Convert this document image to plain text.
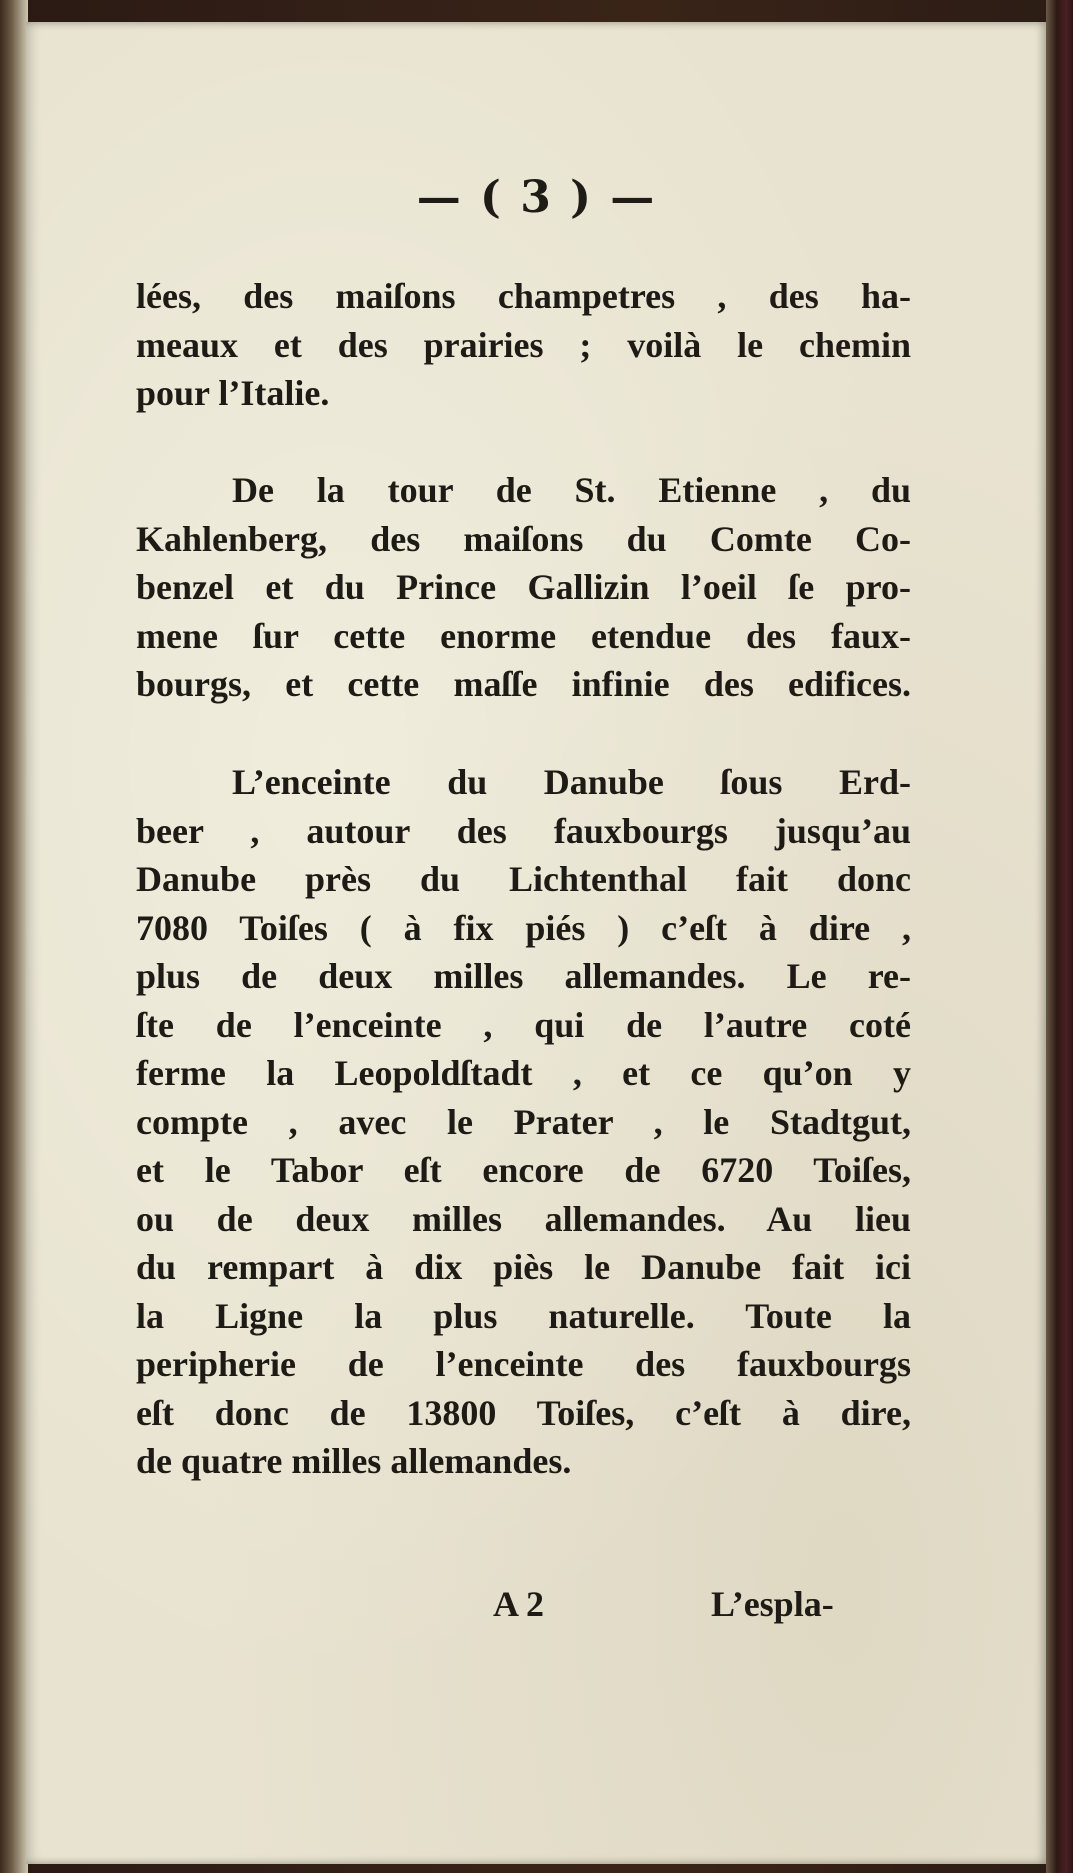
— ( 3 ) —
lées, des maiſons champetres , des ha-
meaux et des prairies ; voilà le chemin
pour l’Italie.
De la tour de St. Etienne , du
Kahlenberg, des maiſons du Comte Co-
benzel et du Prince Gallizin l’oeil ſe pro-
mene ſur cette enorme etendue des faux-
bourgs, et cette maſſe infinie des edifices.
L’enceinte du Danube ſous Erd-
beer , autour des fauxbourgs jusqu’au
Danube près du Lichtenthal fait donc
7080 Toiſes ( à fix piés ) c’eſt à dire ,
plus de deux milles allemandes. Le re-
ſte de l’enceinte , qui de l’autre coté
ferme la Leopoldſtadt , et ce qu’on y
compte , avec le Prater , le Stadtgut,
et le Tabor eſt encore de 6720 Toiſes,
ou de deux milles allemandes. Au lieu
du rempart à dix piès le Danube fait ici
la Ligne la plus naturelle. Toute la
peripherie de l’enceinte des fauxbourgs
eſt donc de 13800 Toiſes, c’eſt à dire,
de quatre milles allemandes.
A 2	L’espla-
